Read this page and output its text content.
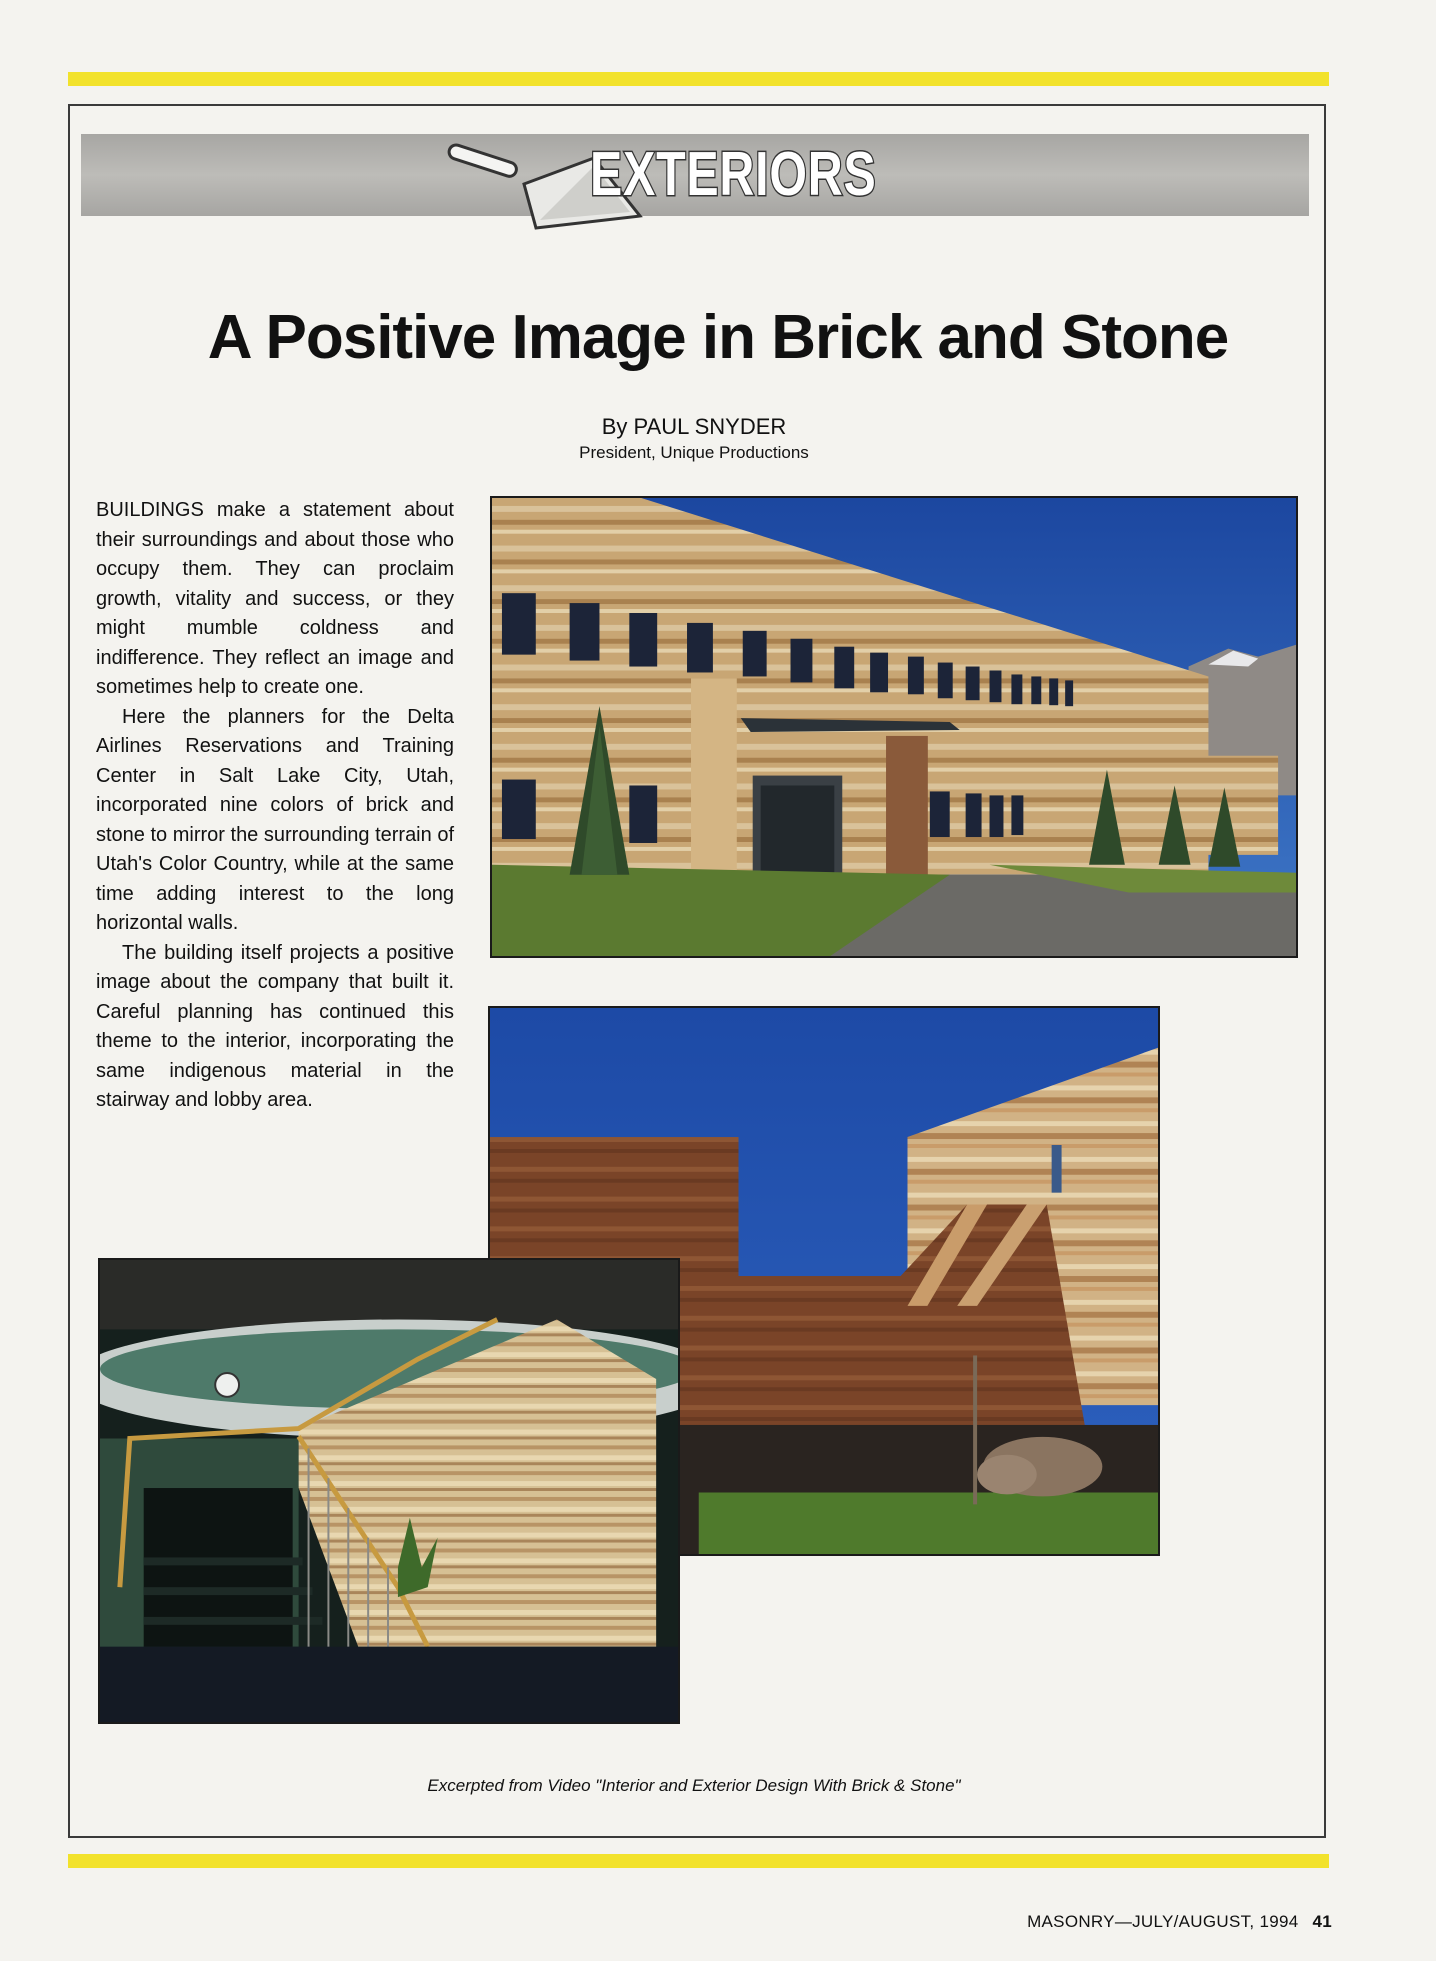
EXTERIORS
A Positive Image in Brick and Stone
By PAUL SNYDER
President, Unique Productions

BUILDINGS make a statement about their surroundings and about those who occupy them. They can proclaim growth, vitality and success, or they might mumble coldness and indifference. They reflect an image and sometimes help to create one.

Here the planners for the Delta Airlines Reservations and Training Center in Salt Lake City, Utah, incorporated nine colors of brick and stone to mirror the surrounding terrain of Utah's Color Country, while at the same time adding interest to the long horizontal walls.

The building itself projects a positive image about the company that built it. Careful planning has continued this theme to the interior, incorporating the same indigenous material in the stairway and lobby area.

Excerpted from Video "Interior and Exterior Design With Brick & Stone"
MASONRY—JULY/AUGUST, 1994 41
